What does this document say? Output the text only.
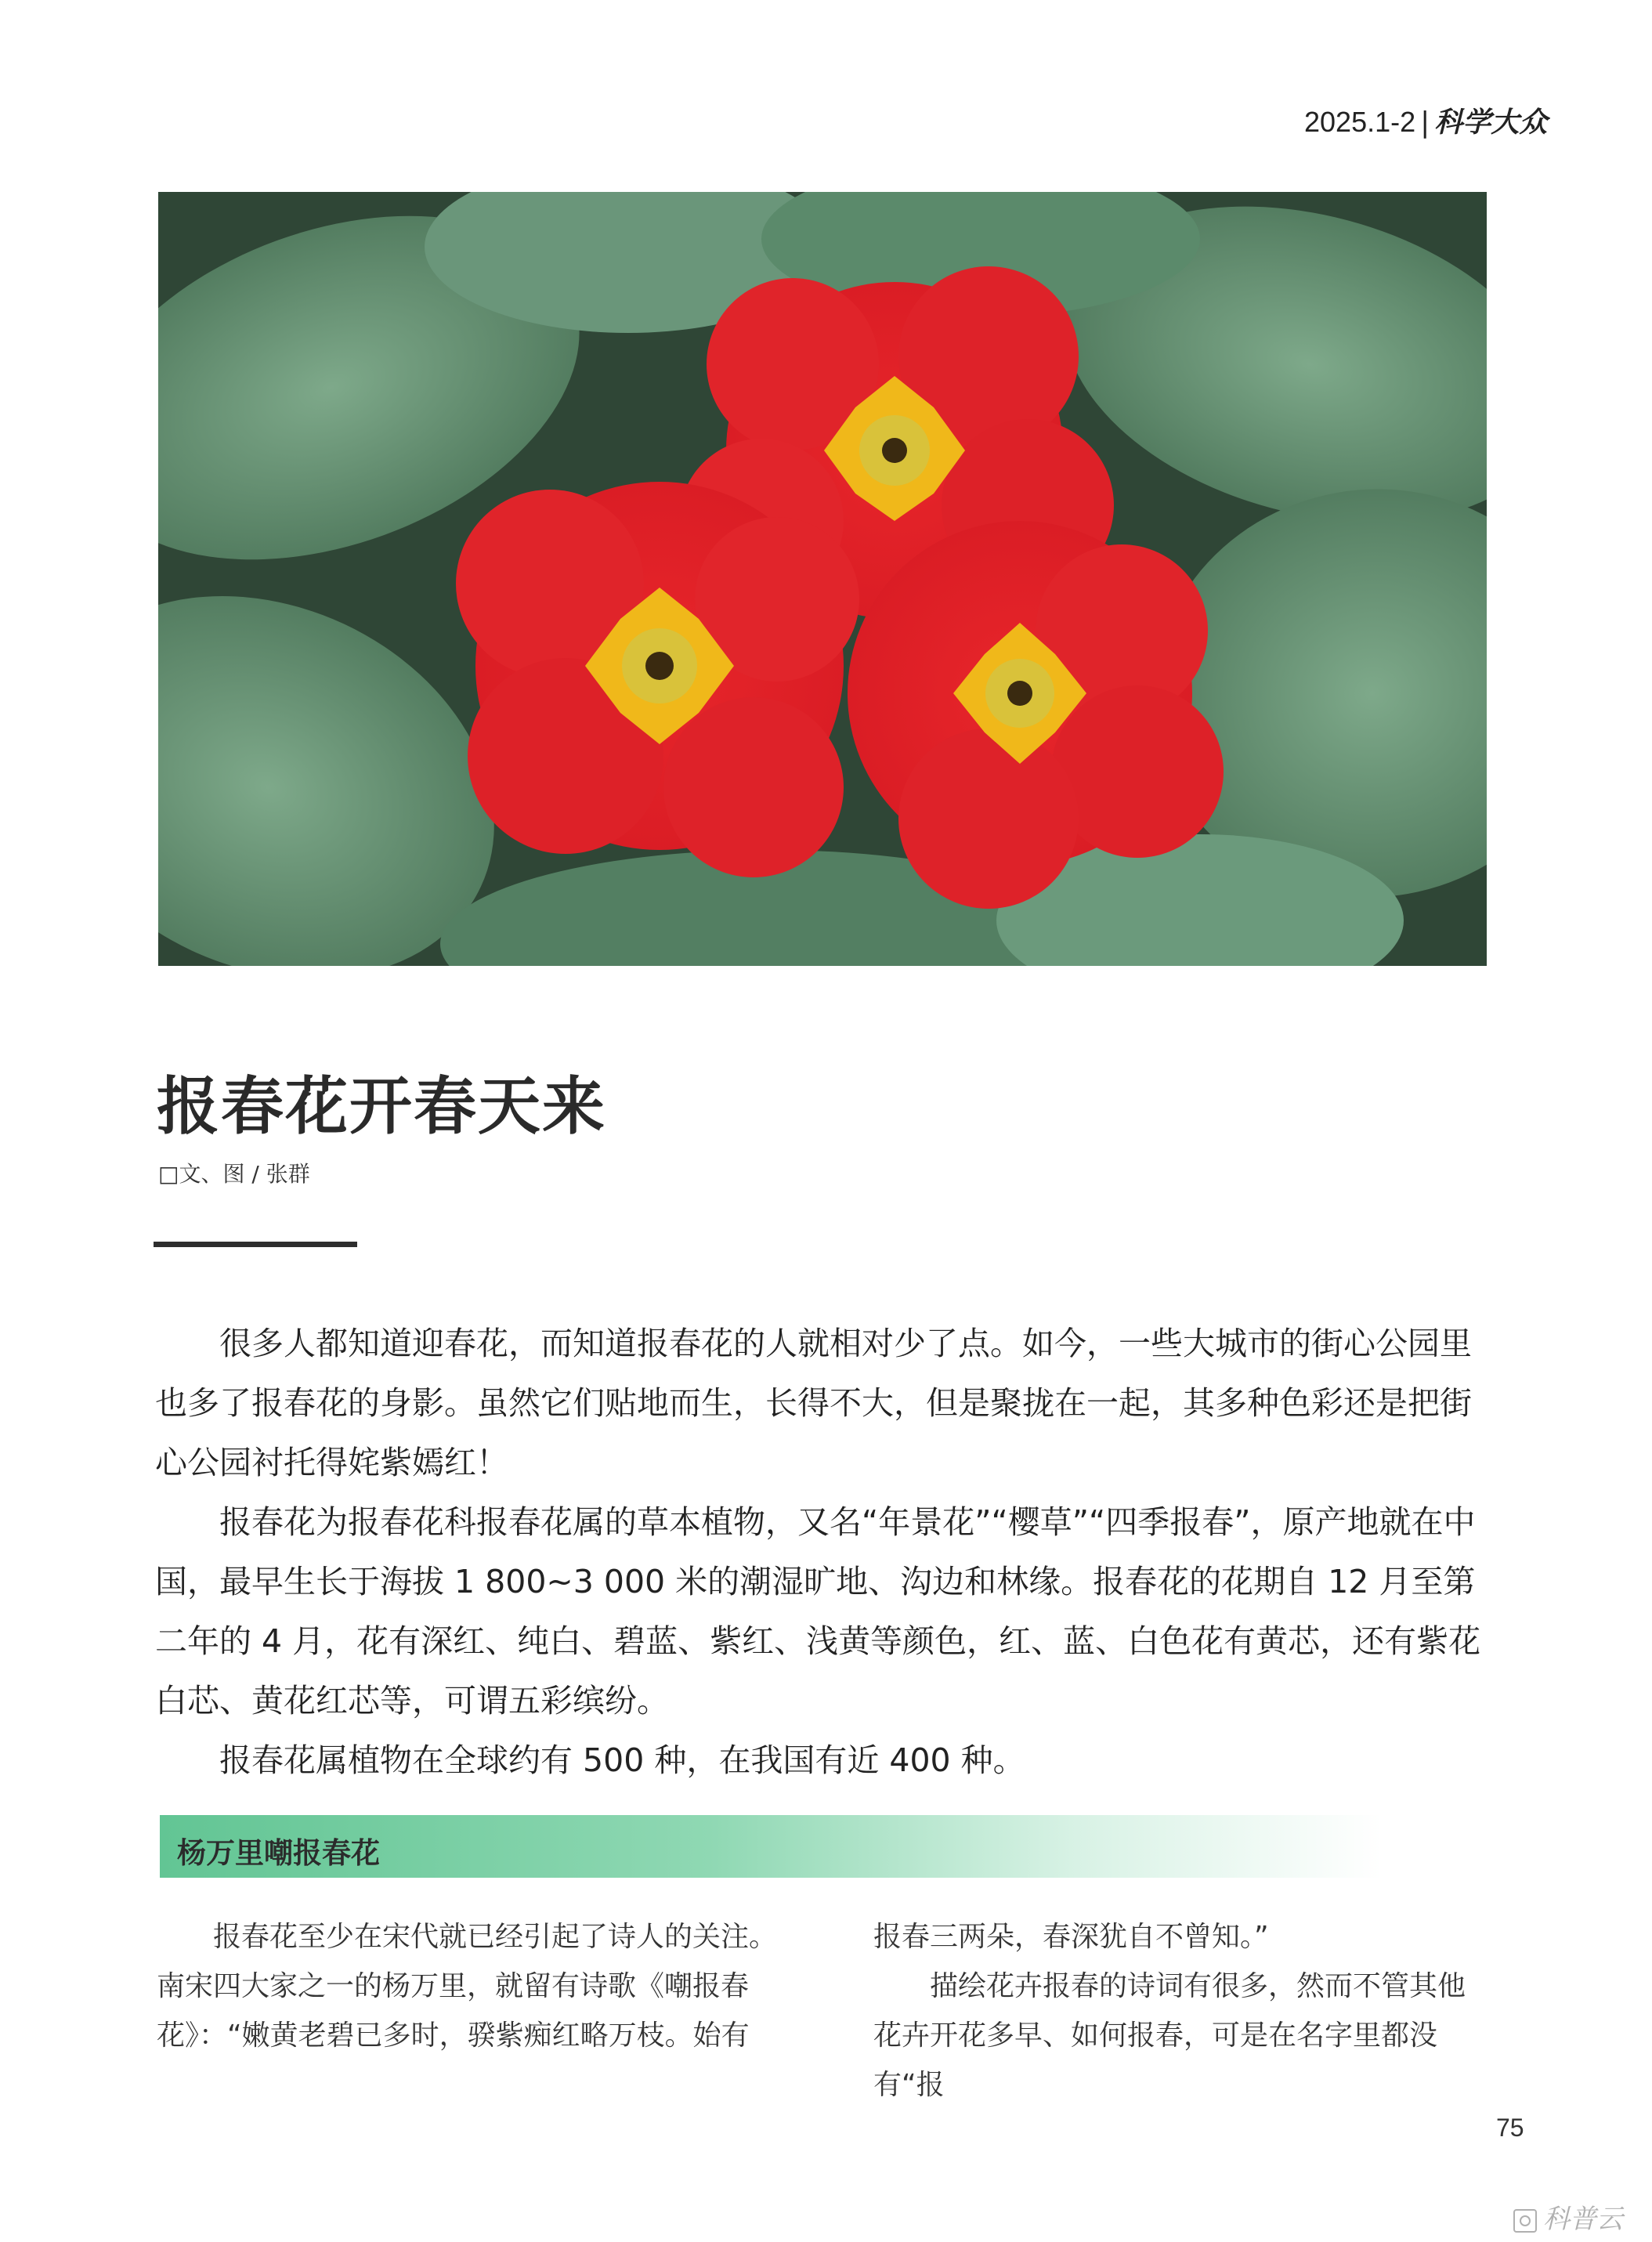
2025.1-2 | 科学大众
报春花开春天来
□文、图 / 张群

很多人都知道迎春花，而知道报春花的人就相对少了点。如今，一些大城市的街心公园里也多了报春花的身影。虽然它们贴地而生，长得不大，但是聚拢在一起，其多种色彩还是把街心公园衬托得姹紫嫣红！

报春花为报春花科报春花属的草本植物，又名“年景花”“樱草”“四季报春”，原产地就在中国，最早生长于海拔 1 800~3 000 米的潮湿旷地、沟边和林缘。报春花的花期自 12 月至第二年的 4 月，花有深红、纯白、碧蓝、紫红、浅黄等颜色，红、蓝、白色花有黄芯，还有紫花白芯、黄花红芯等，可谓五彩缤纷。

报春花属植物在全球约有 500 种，在我国有近 400 种。

杨万里嘲报春花

报春花至少在宋代就已经引起了诗人的关注。南宋四大家之一的杨万里，就留有诗歌《嘲报春花》：“嫩黄老碧已多时，骙紫痴红略万枝。始有

报春三两朵，春深犹自不曾知。”

描绘花卉报春的诗词有很多，然而不管其他花卉开花多早、如何报春，可是在名字里都没有“报

75
科普云
